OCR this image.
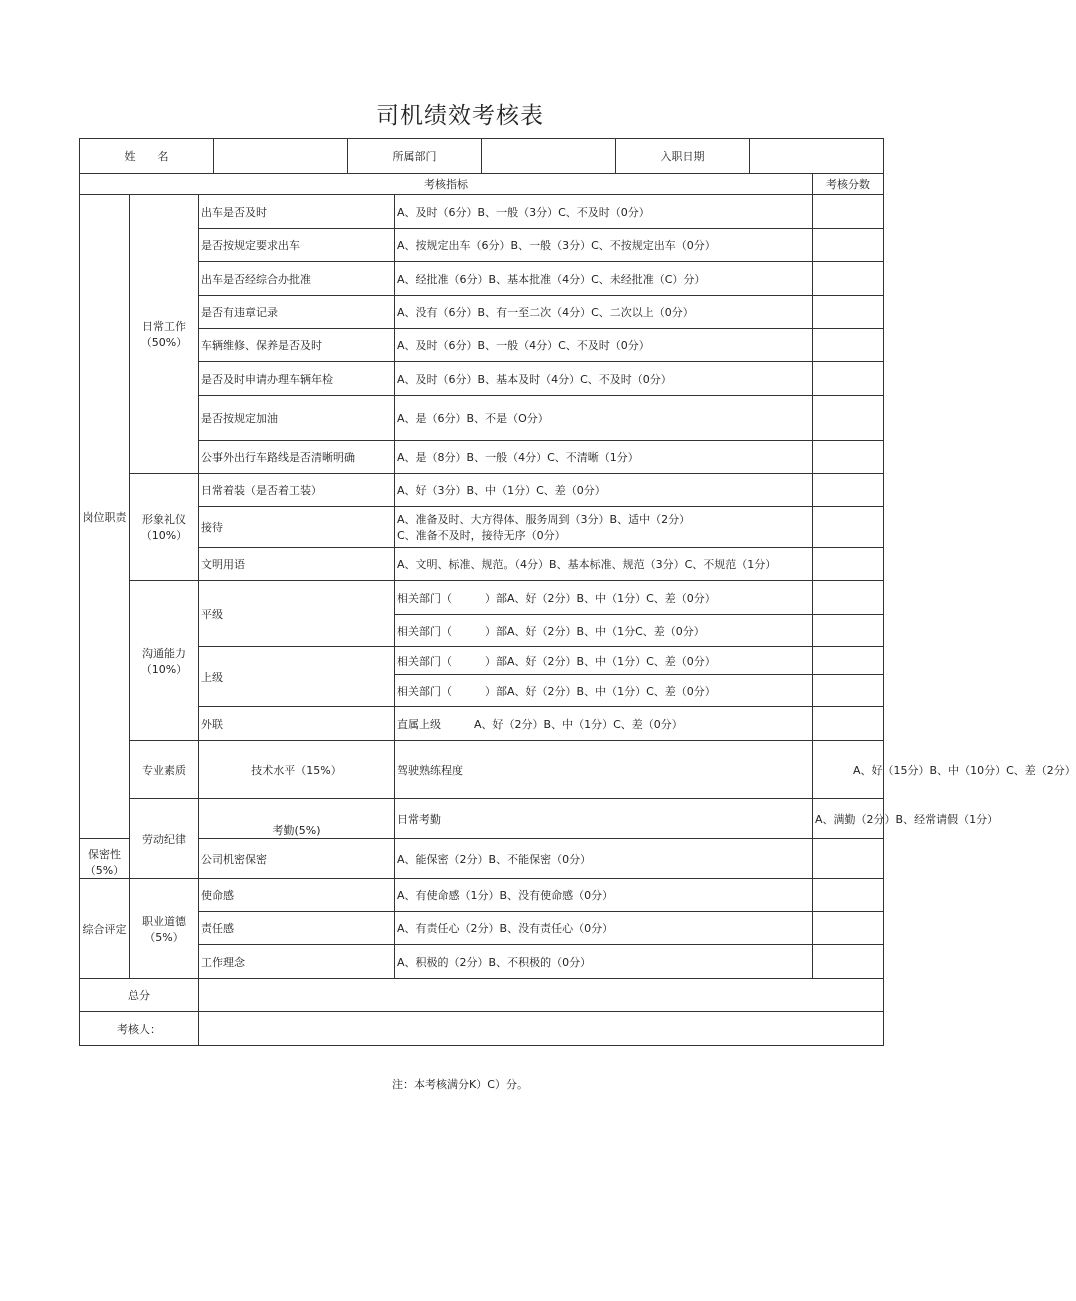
司机绩效考核表
姓　　名		所属部门		入职日期	
考核指标				考核分数	
岗位职责	日常工作（50%）	出车是否及时	A、及时（6分）B、一般（3分）C、不及时（0分）		
		是否按规定要求出车	A、按规定出车（6分）B、一般（3分）C、不按规定出车（0分）		
		出车是否经综合办批准	A、经批准（6分）B、基本批准（4分）C、未经批准（C）分）		
		是否有违章记录	A、没有（6分）B、有一至二次（4分）C、二次以上（0分）		
		车辆维修、保养是否及时	A、及时（6分）B、一般（4分）C、不及时（0分）		
		是否及时申请办理车辆年检	A、及时（6分）B、基本及时（4分）C、不及时（0分）		
		是否按规定加油	A、是（6分）B、不是（O分）		
		公事外出行车路线是否清晰明确	A、是（8分）B、一般（4分）C、不清晰（1分）		
	形象礼仪（10%）	日常着装（是否着工装）	A、好（3分）B、中（1分）C、差（0分）		
		接待	A、准备及时、大方得体、服务周到（3分）B、适中（2分）
C、准备不及时，接待无序（0分）		

		文明用语	A、文明、标准、规范。（4分）B、基本标准、规范（3分）C、不规范（1分）		
	沟通能力（10%）	平级	相关部门（　　　）部A、好（2分）B、中（1分）C、差（0分）		
			相关部门（　　　）部A、好（2分）B、中（1分C、差（0分）		
		上级	相关部门（　　　）部A、好（2分）B、中（1分）C、差（0分）		
			相关部门（　　　）部A、好（2分）B、中（1分）C、差（0分）		
		外联	直属上级　　　A、好（2分）B、中（1分）C、差（0分）		
	专业素质	技术水平（15%）	驾驶熟练程度	A、好（15分）B、中（10分）C、差（2分）	
	劳动纪律	考勤(5%)	日常考勤	A、满勤（2分）B、经常请假（1分）	
保密性（5%）		公司机密保密	A、能保密（2分）B、不能保密（0分）		
综合评定	职业道德（5%）	使命感	A、有使命感（1分）B、没有使命感（0分）		
		责任感	A、有责任心（2分）B、没有责任心（0分）		
		工作理念	A、积极的（2分）B、不积极的（0分）		
总分					
考核人：					
注：本考核满分K）C）分。
